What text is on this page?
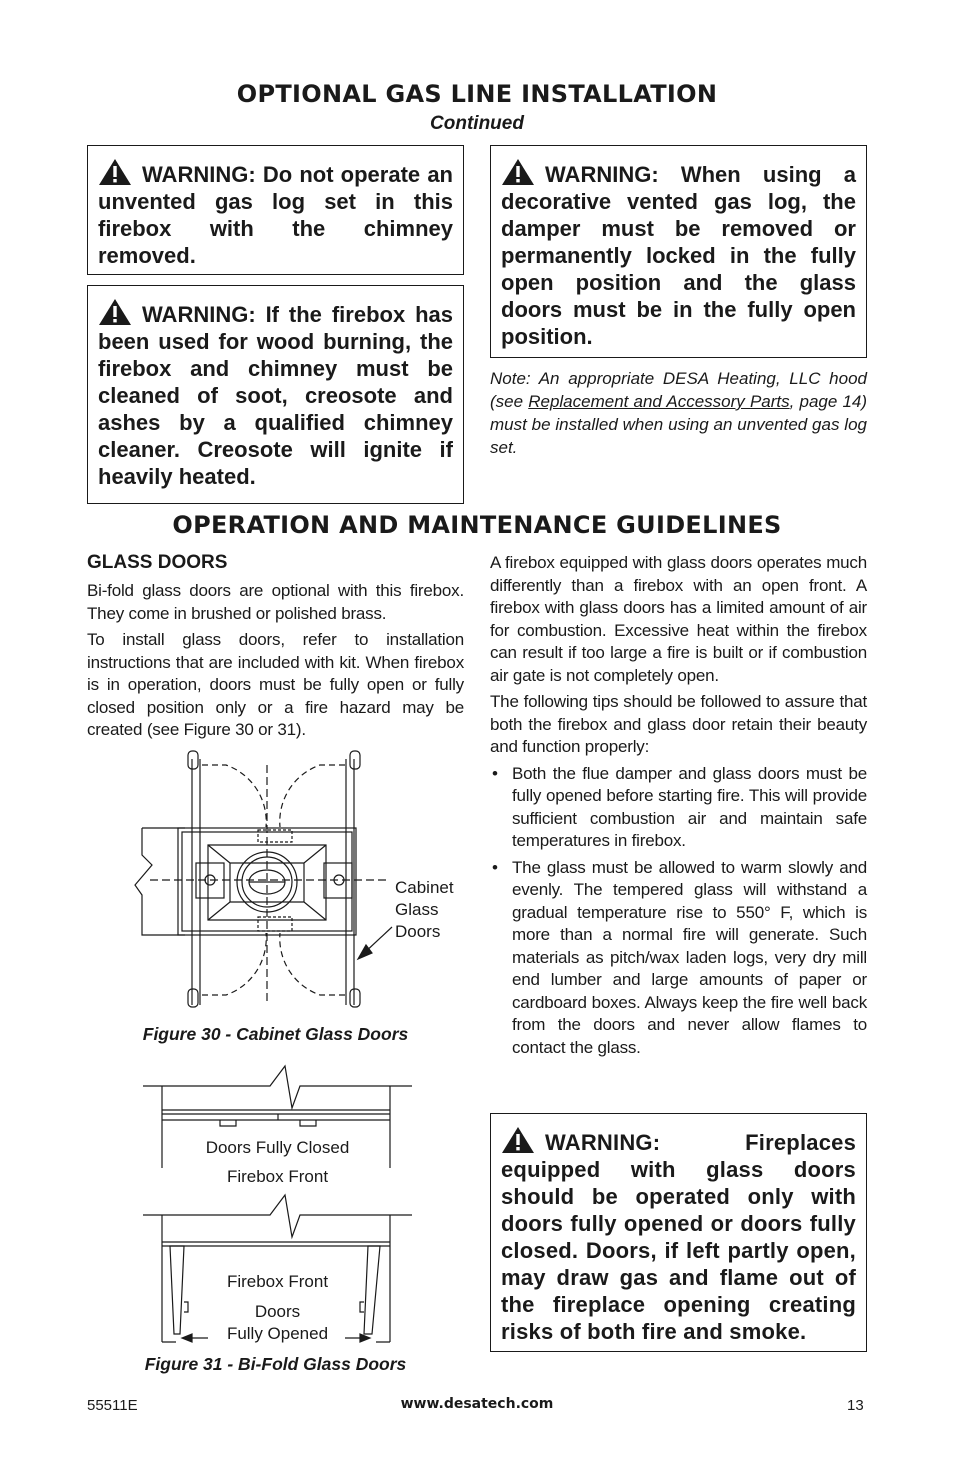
OPTIONAL GAS LINE INSTALLATION
Continued
WARNING: Do not operate an unvented gas log set in this firebox with the chimney removed.
WARNING: If the firebox has been used for wood burning, the firebox and chimney must be cleaned of soot, creosote and ashes by a qualified chimney cleaner. Creosote will ignite if heavily heated.
WARNING: When using a decorative vented gas log, the damper must be removed or permanently locked in the fully open position and the glass doors must be in the fully open position.
Note: An appropriate DESA Heating, LLC hood (see Replacement and Accessory Parts, page 14) must be installed when using an unvented gas log set.
OPERATION AND MAINTENANCE GUIDELINES
GLASS DOORS

Bi-fold glass doors are optional with this firebox. They come in brushed or polished brass.

To install glass doors, refer to installation instructions that are included with kit. When firebox is in operation, doors must be fully open or fully closed position only or a fire hazard may be created (see Figure 30 or 31).

Cabinet
Glass
Doors
Figure 30 - Cabinet Glass Doors
Doors Fully Closed
Firebox Front
Firebox Front
Doors
Fully Opened
Figure 31 - Bi-Fold Glass Doors

A firebox equipped with glass doors operates much differently than a firebox with an open front. A firebox with glass doors has a limited amount of air for combustion. Excessive heat within the firebox can result if too large a fire is built or if combustion air gate is not completely open.

The following tips should be followed to assure that both the firebox and glass door retain their beauty and function properly:

• Both the flue damper and glass doors must be fully opened before starting fire. This will provide sufficient combustion air and maintain safe temperatures in firebox.
• The glass must be allowed to warm slowly and evenly. The tempered glass will withstand a gradual temperature rise to 550° F, which is more than a normal fire will generate. Such materials as pitch/wax laden logs, very dry mill end lumber and large amounts of paper or cardboard boxes. Always keep the fire well back from the doors and never allow flames to contact the glass.
WARNING: Fireplaces equipped with glass doors should be operated only with doors fully opened or doors fully closed. Doors, if left partly open, may draw gas and flame out of the fireplace opening creating risks of both fire and smoke.
55511E	www.desatech.com	13
